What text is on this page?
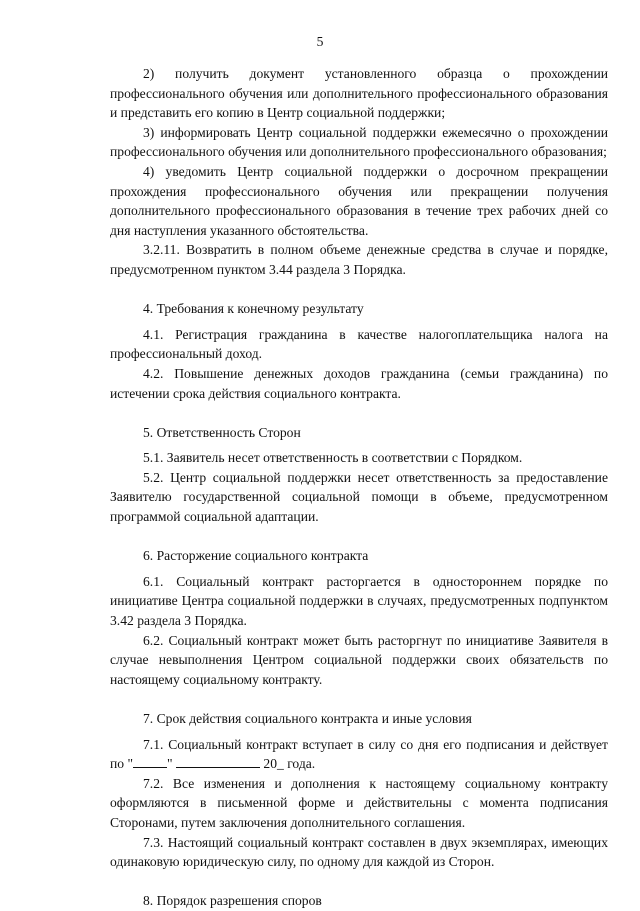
5

2) получить документ установленного образца о прохождении профессионального обучения или дополнительного профессионального образования и представить его копию в Центр социальной поддержки;

3) информировать Центр социальной поддержки ежемесячно о прохождении профессионального обучения или дополнительного профессионального образования;

4) уведомить Центр социальной поддержки о досрочном прекращении прохождения профессионального обучения или прекращении получения дополнительного профессионального образования в течение трех рабочих дней со дня наступления указанного обстоятельства.

3.2.11. Возвратить в полном объеме денежные средства в случае и порядке, предусмотренном пунктом 3.44 раздела 3 Порядка.

4. Требования к конечному результату

4.1. Регистрация гражданина в качестве налогоплательщика налога на профессиональный доход.

4.2. Повышение денежных доходов гражданина (семьи гражданина) по истечении срока действия социального контракта.

5. Ответственность Сторон

5.1. Заявитель несет ответственность в соответствии с Порядком.

5.2. Центр социальной поддержки несет ответственность за предоставление Заявителю государственной социальной помощи в объеме, предусмотренном программой социальной адаптации.

6. Расторжение социального контракта

6.1. Социальный контракт расторгается в одностороннем порядке по инициативе Центра социальной поддержки в случаях, предусмотренных подпунктом 3.42 раздела 3 Порядка.

6.2. Социальный контракт может быть расторгнут по инициативе Заявителя в случае невыполнения Центром социальной поддержки своих обязательств по настоящему социальному контракту.

7. Срок действия социального контракта и иные условия

7.1. Социальный контракт вступает в силу со дня его подписания и действует по "	"	20_ года.

7.2. Все изменения и дополнения к настоящему социальному контракту оформляются в письменной форме и действительны с момента подписания Сторонами, путем заключения дополнительного соглашения.

7.3. Настоящий социальный контракт составлен в двух экземплярах, имеющих одинаковую юридическую силу, по одному для каждой из Сторон.

8. Порядок разрешения споров
